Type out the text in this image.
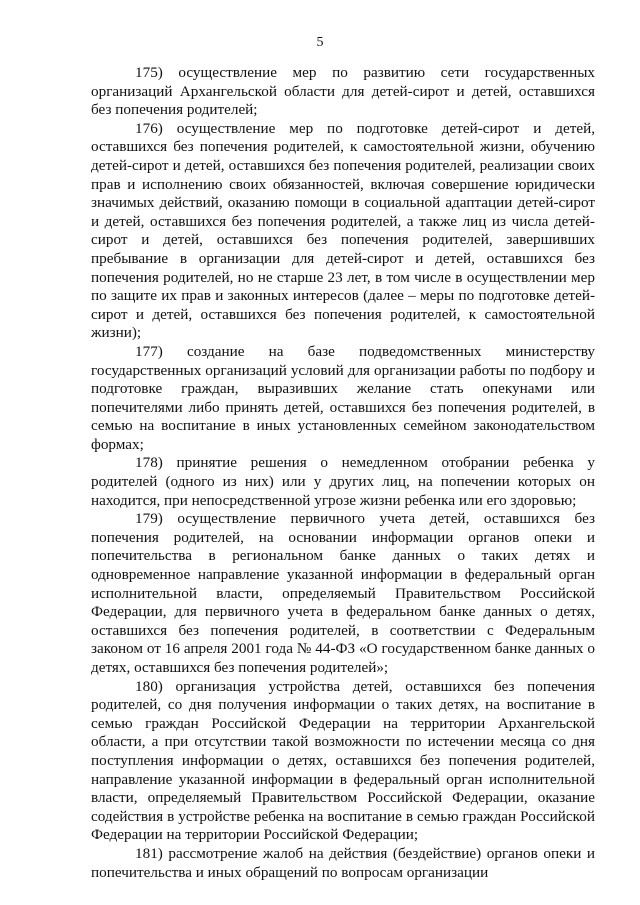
5

175) осуществление мер по развитию сети государственных организаций Архангельской области для детей-сирот и детей, оставшихся без попечения родителей;

176) осуществление мер по подготовке детей-сирот и детей, оставшихся без попечения родителей, к самостоятельной жизни, обучению детей-сирот и детей, оставшихся без попечения родителей, реализации своих прав и исполнению своих обязанностей, включая совершение юридически значимых действий, оказанию помощи в социальной адаптации детей-сирот и детей, оставшихся без попечения родителей, а также лиц из числа детей-сирот и детей, оставшихся без попечения родителей, завершивших пребывание в организации для детей-сирот и детей, оставшихся без попечения родителей, но не старше 23 лет, в том числе в осуществлении мер по защите их прав и законных интересов (далее – меры по подготовке детей-сирот и детей, оставшихся без попечения родителей, к самостоятельной жизни);

177) создание на базе подведомственных министерству государственных организаций условий для организации работы по подбору и подготовке граждан, выразивших желание стать опекунами или попечителями либо принять детей, оставшихся без попечения родителей, в семью на воспитание в иных установленных семейном законодательством формах;

178) принятие решения о немедленном отобрании ребенка у родителей (одного из них) или у других лиц, на попечении которых он находится, при непосредственной угрозе жизни ребенка или его здоровью;

179) осуществление первичного учета детей, оставшихся без попечения родителей, на основании информации органов опеки и попечительства в региональном банке данных о таких детях и одновременное направление указанной информации в федеральный орган исполнительной власти, определяемый Правительством Российской Федерации, для первичного учета в федеральном банке данных о детях, оставшихся без попечения родителей, в соответствии с Федеральным законом от 16 апреля 2001 года № 44-ФЗ «О государственном банке данных о детях, оставшихся без попечения родителей»;

180) организация устройства детей, оставшихся без попечения родителей, со дня получения информации о таких детях, на воспитание в семью граждан Российской Федерации на территории Архангельской области, а при отсутствии такой возможности по истечении месяца со дня поступления информации о детях, оставшихся без попечения родителей, направление указанной информации в федеральный орган исполнительной власти, определяемый Правительством Российской Федерации, оказание содействия в устройстве ребенка на воспитание в семью граждан Российской Федерации на территории Российской Федерации;

181) рассмотрение жалоб на действия (бездействие) органов опеки и попечительства и иных обращений по вопросам организации
